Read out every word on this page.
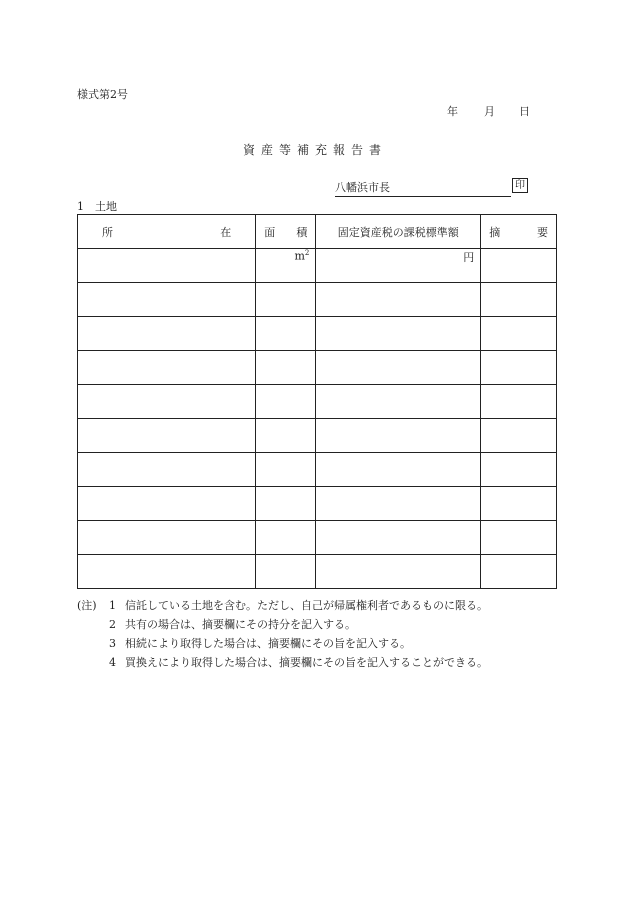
様式第2号
年 月 日
資産等補充報告書
八幡浜市長	印
1 土地
所 在	面 積	固定資産税の課税標準額	摘 要

	$m^2$	円	

(注)	1 信託している土地を含む。ただし、自己が帰属権利者であるものに限る。
2 共有の場合は、摘要欄にその持分を記入する。
3 相続により取得した場合は、摘要欄にその旨を記入する。
4 買換えにより取得した場合は、摘要欄にその旨を記入することができる。
